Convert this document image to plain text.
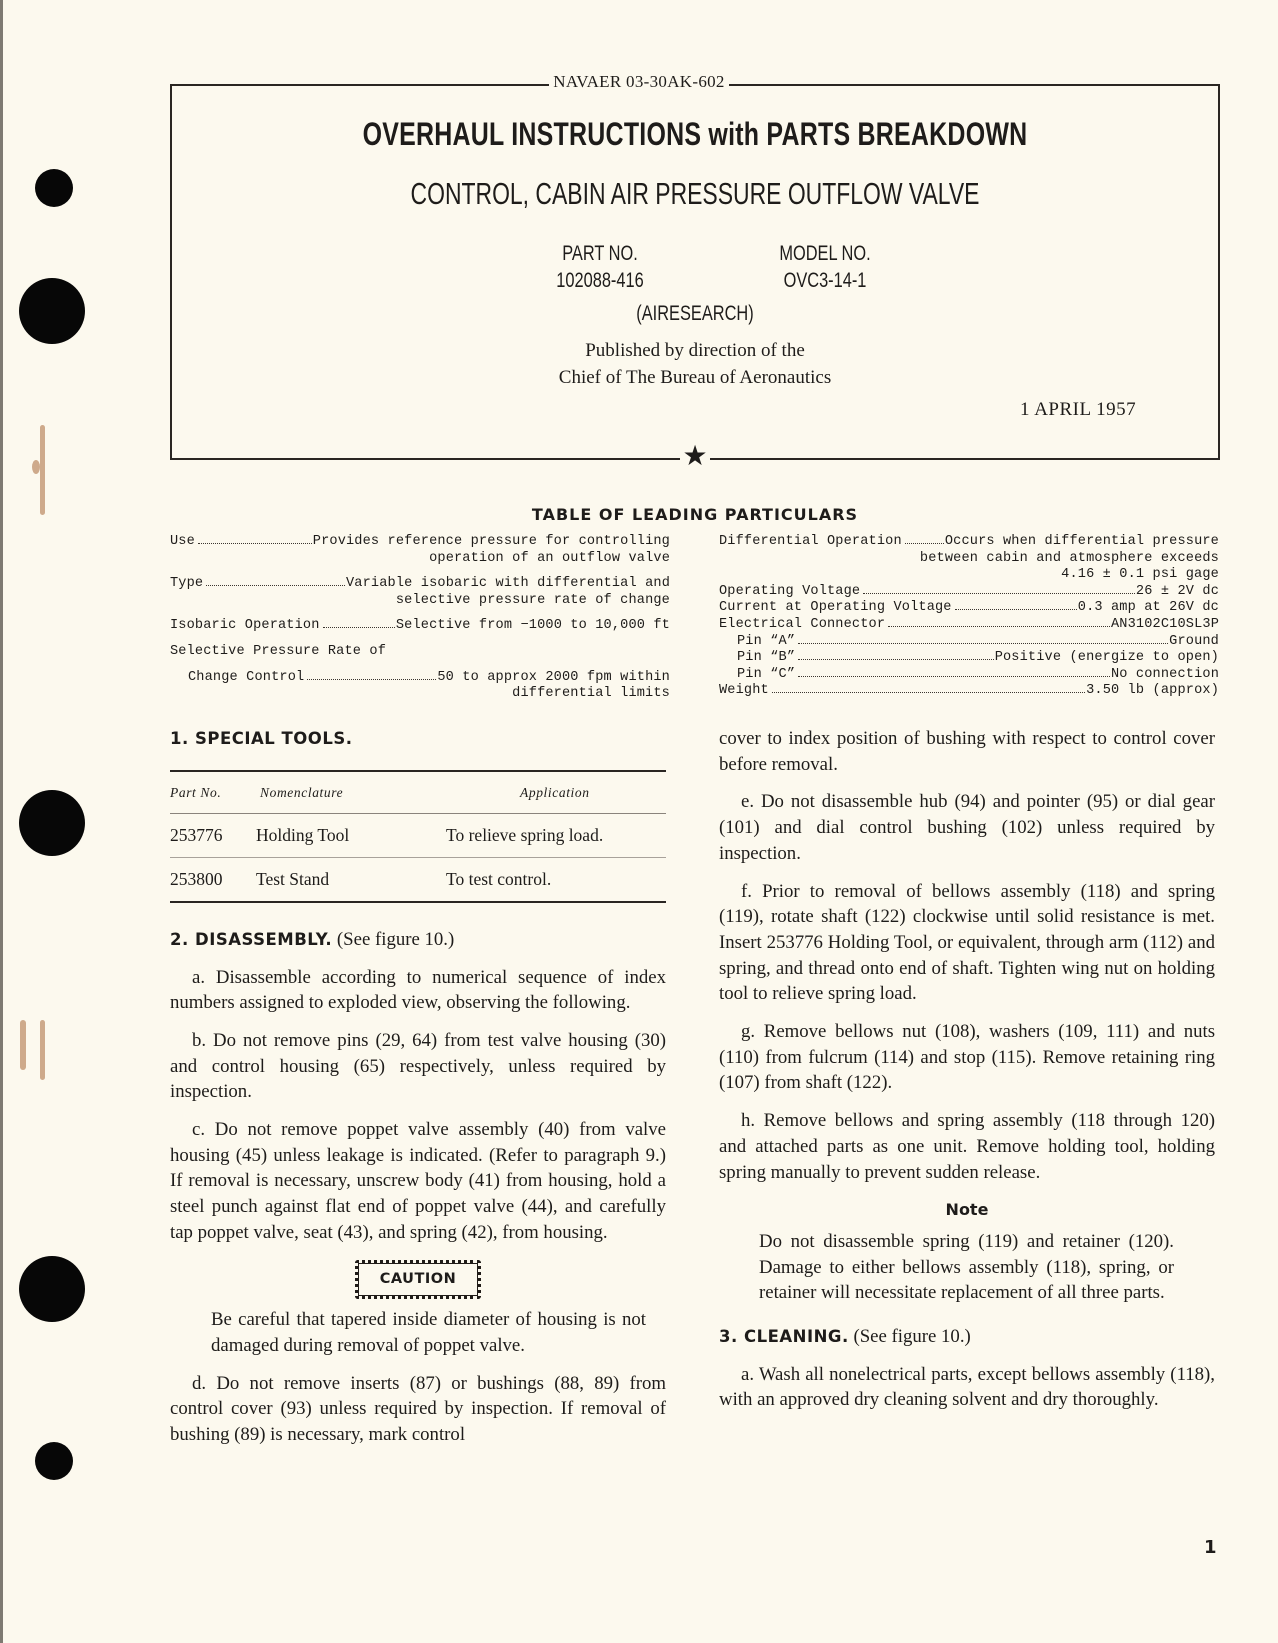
NAVAER 03-30AK-602
★
OVERHAUL INSTRUCTIONS with PARTS BREAKDOWN
CONTROL, CABIN AIR PRESSURE OUTFLOW VALVE
PART NO.
102088-416
MODEL NO.
OVC3-14-1
(AIRESEARCH)
Published by direction of the
Chief of The Bureau of Aeronautics
1 APRIL 1957
TABLE OF LEADING PARTICULARS
Use	Provides reference pressure for controlling
operation of an outflow valve
Type	Variable isobaric with differential and
selective pressure rate of change
Isobaric Operation	Selective from −1000 to 10,000 ft
Selective Pressure Rate of
Change Control	50 to approx 2000 fpm within
differential limits
Differential Operation	Occurs when differential pressure
between cabin and atmosphere exceeds
4.16 ± 0.1 psi gage
Operating Voltage	26 ± 2V dc
Current at Operating Voltage	0.3 amp at 26V dc
Electrical Connector	AN3102C10SL3P
Pin “A”	Ground
Pin “B”	Positive (energize to open)
Pin “C”	No connection
Weight	3.50 lb (approx)
1. SPECIAL TOOLS.
Part No.	Nomenclature	Application
253776	Holding Tool	To relieve spring load.
253800	Test Stand	To test control.
2. DISASSEMBLY. (See figure 10.)

a. Disassemble according to numerical sequence of index numbers assigned to exploded view, observing the following.

b. Do not remove pins (29, 64) from test valve housing (30) and control housing (65) respectively, unless required by inspection.

c. Do not remove poppet valve assembly (40) from valve housing (45) unless leakage is indicated. (Refer to paragraph 9.) If removal is necessary, unscrew body (41) from housing, hold a steel punch against flat end of poppet valve (44), and carefully tap poppet valve, seat (43), and spring (42), from housing.

CAUTION

Be careful that tapered inside diameter of housing is not damaged during removal of poppet valve.

d. Do not remove inserts (87) or bushings (88, 89) from control cover (93) unless required by inspection. If removal of bushing (89) is necessary, mark control

cover to index position of bushing with respect to control cover before removal.

e. Do not disassemble hub (94) and pointer (95) or dial gear (101) and dial control bushing (102) unless required by inspection.

f. Prior to removal of bellows assembly (118) and spring (119), rotate shaft (122) clockwise until solid resistance is met. Insert 253776 Holding Tool, or equivalent, through arm (112) and spring, and thread onto end of shaft. Tighten wing nut on holding tool to relieve spring load.

g. Remove bellows nut (108), washers (109, 111) and nuts (110) from fulcrum (114) and stop (115). Remove retaining ring (107) from shaft (122).

h. Remove bellows and spring assembly (118 through 120) and attached parts as one unit. Remove holding tool, holding spring manually to prevent sudden release.

Note

Do not disassemble spring (119) and retainer (120). Damage to either bellows assembly (118), spring, or retainer will necessitate replacement of all three parts.

3. CLEANING. (See figure 10.)

a. Wash all nonelectrical parts, except bellows assembly (118), with an approved dry cleaning solvent and dry thoroughly.

1
